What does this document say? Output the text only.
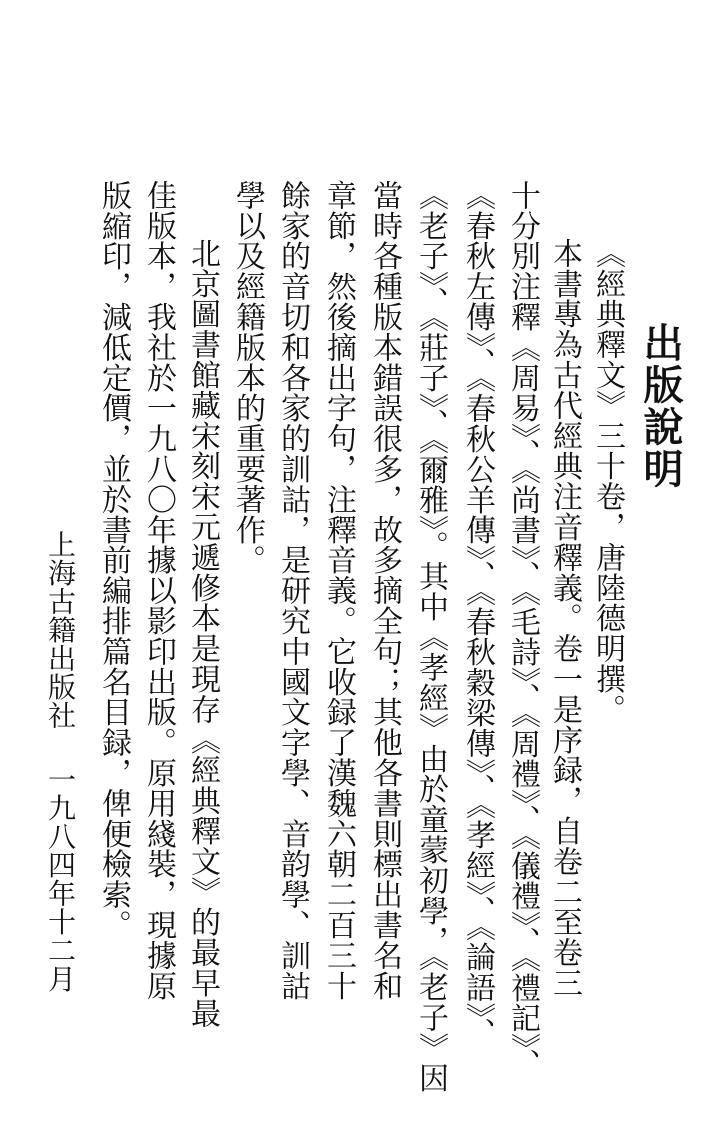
出版說明

《經典釋文》三十卷，唐陸德明撰。

本書專為古代經典注音釋義。卷一是序録，自卷二至卷三

十分別注釋《周易》、《尚書》、《毛詩》、《周禮》、《儀禮》、《禮記》、

《春秋左傳》、《春秋公羊傳》、《春秋穀梁傳》、《孝經》、《論語》、

《老子》、《莊子》、《爾雅》。其中《孝經》由於童蒙初學，《老子》因

當時各種版本錯誤很多，故多摘全句；其他各書則標出書名和

章節，然後摘出字句，注釋音義。它收録了漢魏六朝二百三十

餘家的音切和各家的訓詁，是研究中國文字學、音韵學、訓詁

學以及經籍版本的重要著作。

北京圖書館藏宋刻宋元遞修本是現存《經典釋文》的最早最

佳版本，我社於一九八〇年據以影印出版。原用綫裝，現據原

版縮印，減低定價，並於書前編排篇名目録，俾便檢索。

上海古籍出版社

一九八四年十二月
